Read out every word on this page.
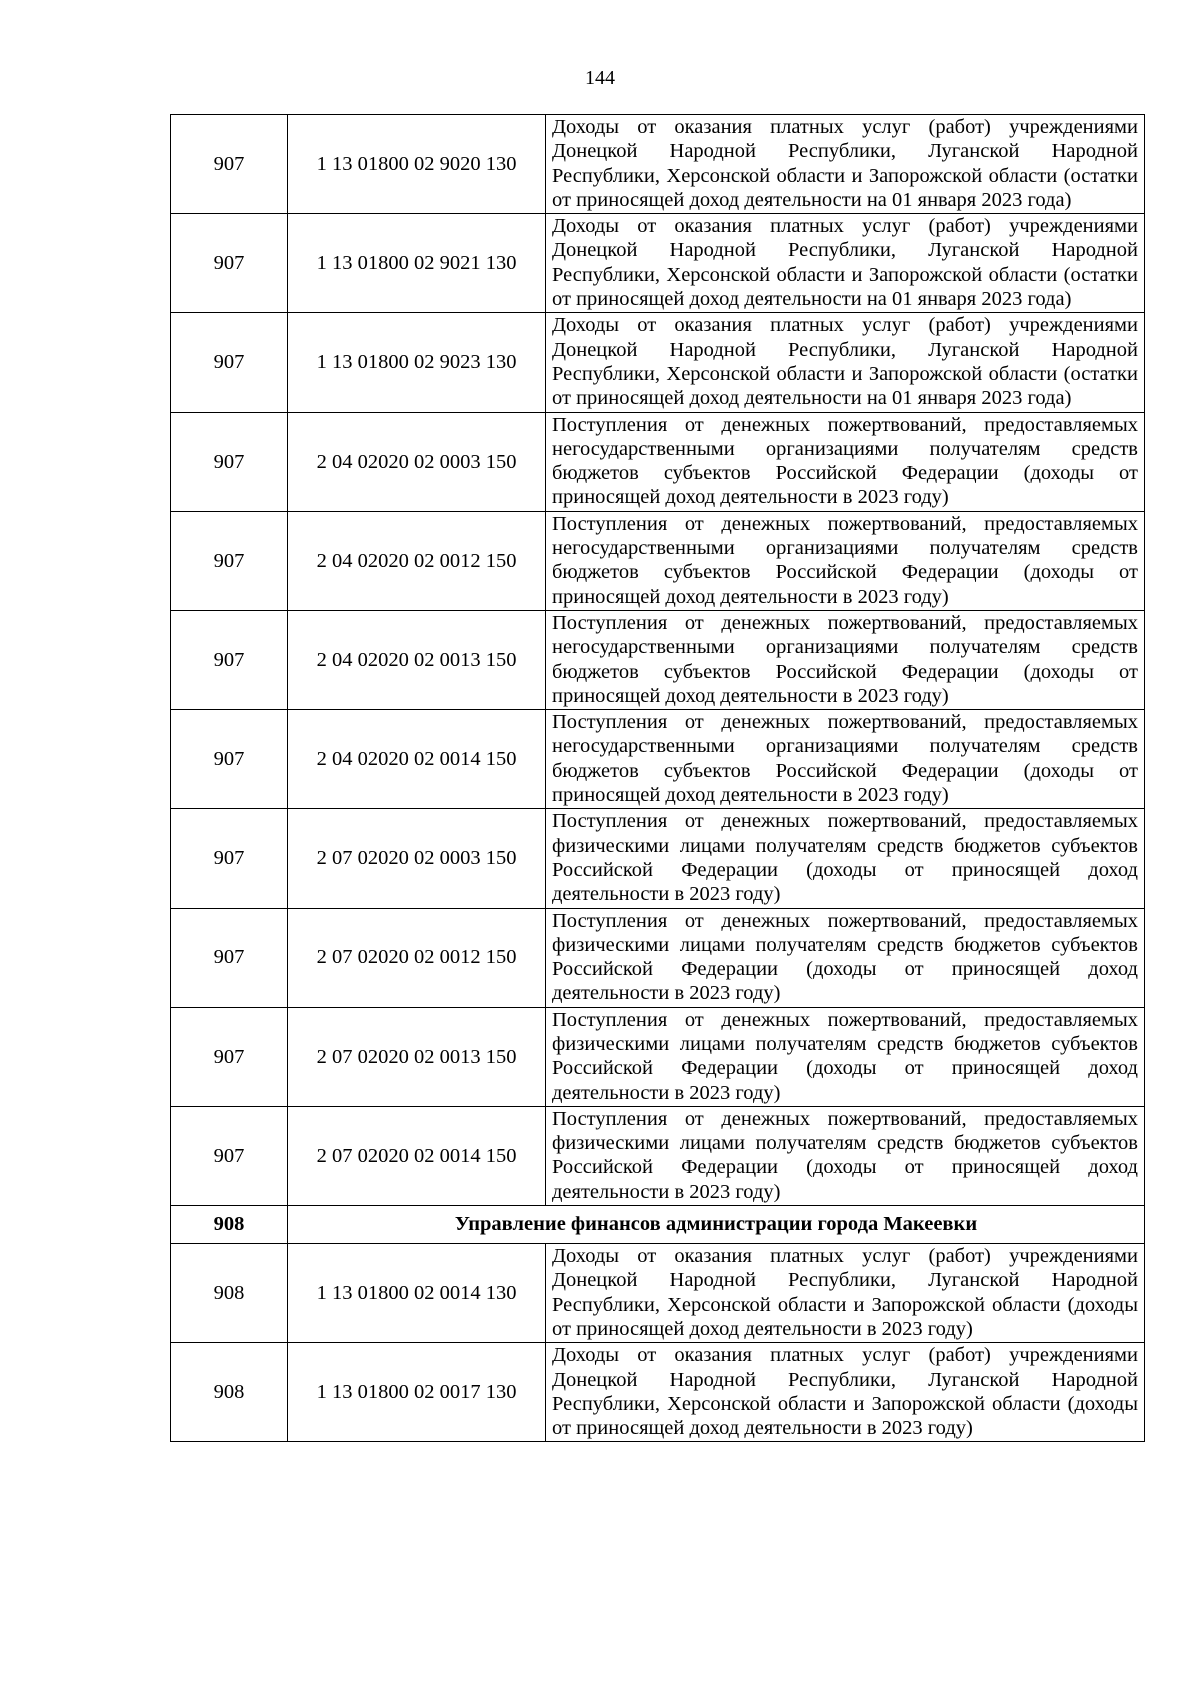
144
907	1 13 01800 02 9020 130	Доходы от оказания платных услуг (работ) учреждениями Донецкой Народной Республики, Луганской Народной Республики, Херсонской области и Запорожской области (остатки от приносящей доход деятельности на 01 января 2023 года)
907	1 13 01800 02 9021 130	Доходы от оказания платных услуг (работ) учреждениями Донецкой Народной Республики, Луганской Народной Республики, Херсонской области и Запорожской области (остатки от приносящей доход деятельности на 01 января 2023 года)
907	1 13 01800 02 9023 130	Доходы от оказания платных услуг (работ) учреждениями Донецкой Народной Республики, Луганской Народной Республики, Херсонской области и Запорожской области (остатки от приносящей доход деятельности на 01 января 2023 года)
907	2 04 02020 02 0003 150	Поступления от денежных пожертвований, предоставляемых негосударственными организациями получателям средств бюджетов субъектов Российской Федерации (доходы от приносящей доход деятельности в 2023 году)
907	2 04 02020 02 0012 150	Поступления от денежных пожертвований, предоставляемых негосударственными организациями получателям средств бюджетов субъектов Российской Федерации (доходы от приносящей доход деятельности в 2023 году)
907	2 04 02020 02 0013 150	Поступления от денежных пожертвований, предоставляемых негосударственными организациями получателям средств бюджетов субъектов Российской Федерации (доходы от приносящей доход деятельности в 2023 году)
907	2 04 02020 02 0014 150	Поступления от денежных пожертвований, предоставляемых негосударственными организациями получателям средств бюджетов субъектов Российской Федерации (доходы от приносящей доход деятельности в 2023 году)
907	2 07 02020 02 0003 150	Поступления от денежных пожертвований, предоставляемых физическими лицами получателям средств бюджетов субъектов Российской Федерации (доходы от приносящей доход деятельности в 2023 году)
907	2 07 02020 02 0012 150	Поступления от денежных пожертвований, предоставляемых физическими лицами получателям средств бюджетов субъектов Российской Федерации (доходы от приносящей доход деятельности в 2023 году)
907	2 07 02020 02 0013 150	Поступления от денежных пожертвований, предоставляемых физическими лицами получателям средств бюджетов субъектов Российской Федерации (доходы от приносящей доход деятельности в 2023 году)
907	2 07 02020 02 0014 150	Поступления от денежных пожертвований, предоставляемых физическими лицами получателям средств бюджетов субъектов Российской Федерации (доходы от приносящей доход деятельности в 2023 году)
908	Управление финансов администрации города Макеевки	
908	1 13 01800 02 0014 130	Доходы от оказания платных услуг (работ) учреждениями Донецкой Народной Республики, Луганской Народной Республики, Херсонской области и Запорожской области (доходы от приносящей доход деятельности в 2023 году)
908	1 13 01800 02 0017 130	Доходы от оказания платных услуг (работ) учреждениями Донецкой Народной Республики, Луганской Народной Республики, Херсонской области и Запорожской области (доходы от приносящей доход деятельности в 2023 году)
